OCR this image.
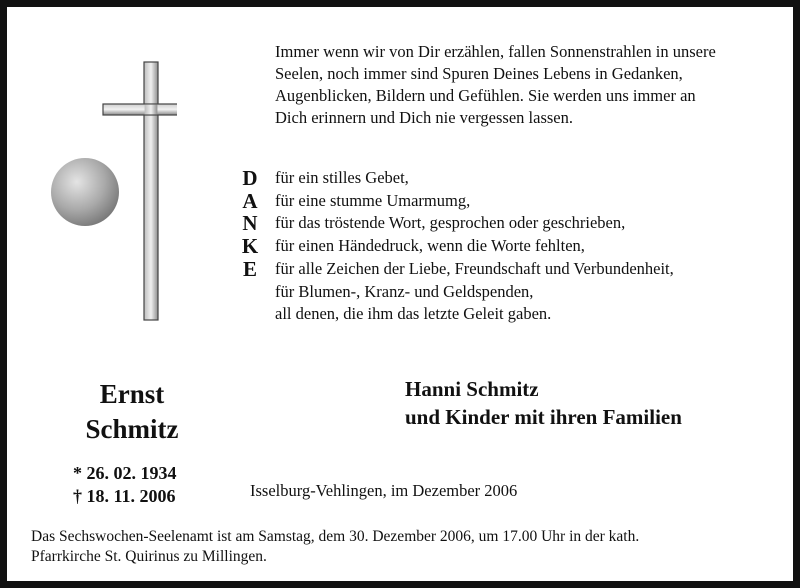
Immer wenn wir von Dir erzählen, fallen Sonnenstrahlen in unsere
Seelen, noch immer sind Spuren Deines Lebens in Gedanken,
Augenblicken, Bildern und Gefühlen. Sie werden uns immer an
Dich erinnern und Dich nie vergessen lassen.
D
A
N
K
E
für ein stilles Gebet,
für eine stumme Umarmumg,
für das tröstende Wort, gesprochen oder geschrieben,
für einen Händedruck, wenn die Worte fehlten,
für alle Zeichen der Liebe, Freundschaft und Verbundenheit,
für Blumen-, Kranz- und Geldspenden,
all denen, die ihm das letzte Geleit gaben.
Ernst
Schmitz
* 26. 02. 1934
† 18. 11. 2006
Hanni Schmitz
und Kinder mit ihren Familien
Isselburg-Vehlingen, im Dezember 2006
Das Sechswochen-Seelenamt ist am Samstag, dem 30. Dezember 2006, um 17.00 Uhr in der kath.
Pfarrkirche St. Quirinus zu Millingen.
